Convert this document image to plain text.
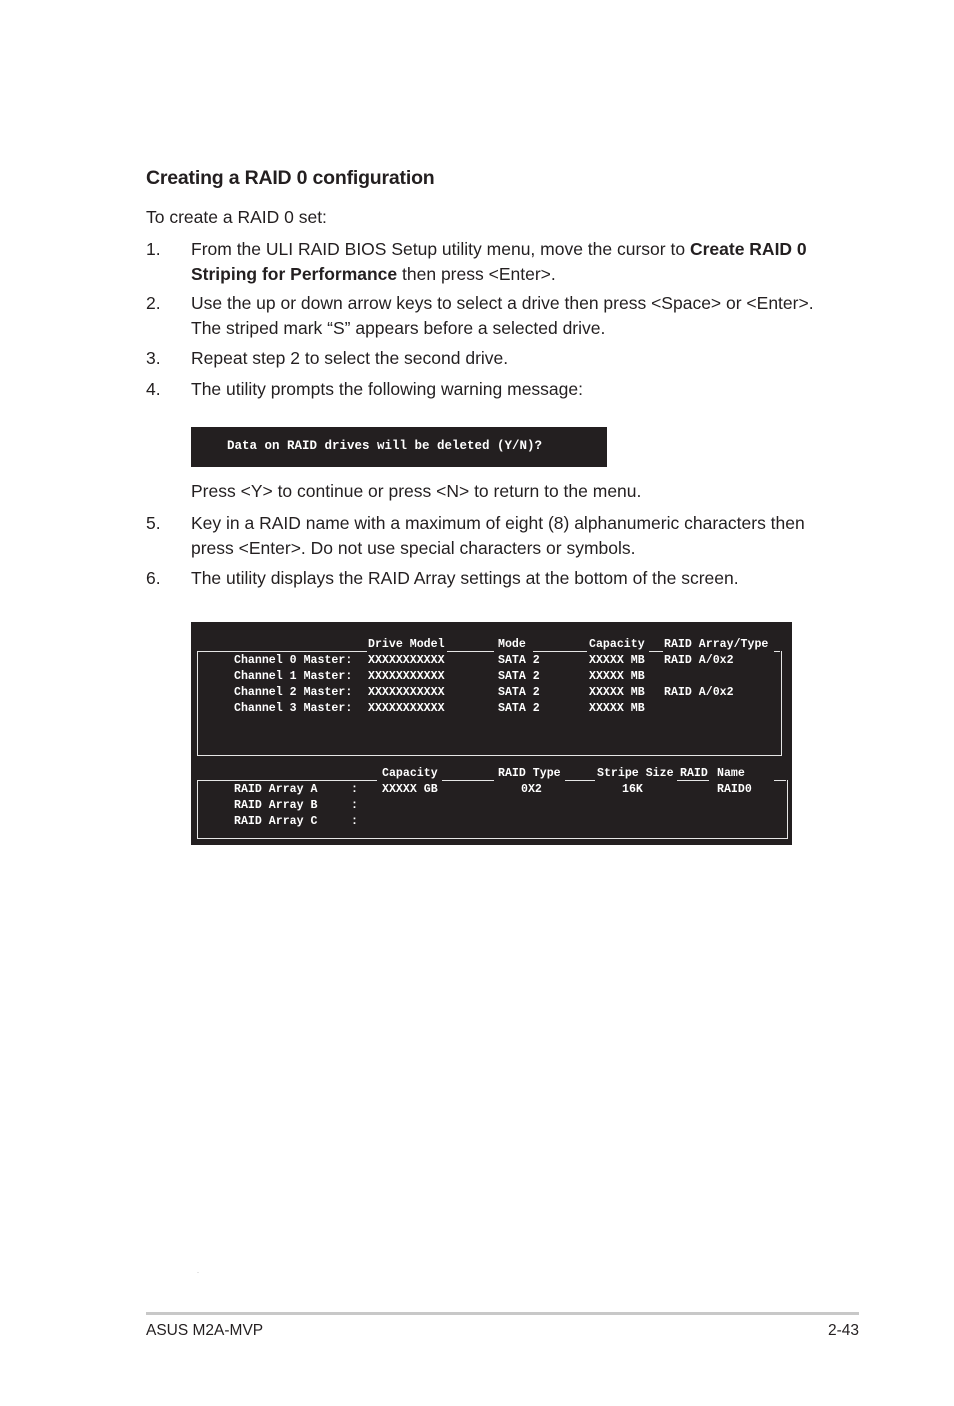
Creating a RAID 0 configuration
To create a RAID 0 set:
1. From the ULI RAID BIOS Setup utility menu, move the cursor to Create RAID 0 Striping for Performance then press <Enter>.
2. Use the up or down arrow keys to select a drive then press <Space> or <Enter>. The striped mark “S” appears before a selected drive.
3. Repeat step 2 to select the second drive.
4. The utility prompts the following warning message:
Data on RAID drives will be deleted (Y/N)?
Press <Y> to continue or press <N> to return to the menu.
5. Key in a RAID name with a maximum of eight (8) alphanumeric characters then press <Enter>. Do not use special characters or symbols.
6. The utility displays the RAID Array settings at the bottom of the screen.
Drive Model	Mode	Capacity RAID Array/Type
Channel 0 Master: XXXXXXXXXXX	SATA 2	XXXXX MB RAID A/0x2
Channel 1 Master: XXXXXXXXXXX	SATA 2	XXXXX MB
Channel 2 Master: XXXXXXXXXXX	SATA 2	XXXXX MB RAID A/0x2
Channel 3 Master: XXXXXXXXXXX	SATA 2	XXXXX MB
Capacity	RAID Type	Stripe Size RAID Name
RAID Array A	: XXXXX GB	0X2	16K	RAID0
RAID Array B	:
RAID Array C	:
ASUS M2A-MVP	2-43
